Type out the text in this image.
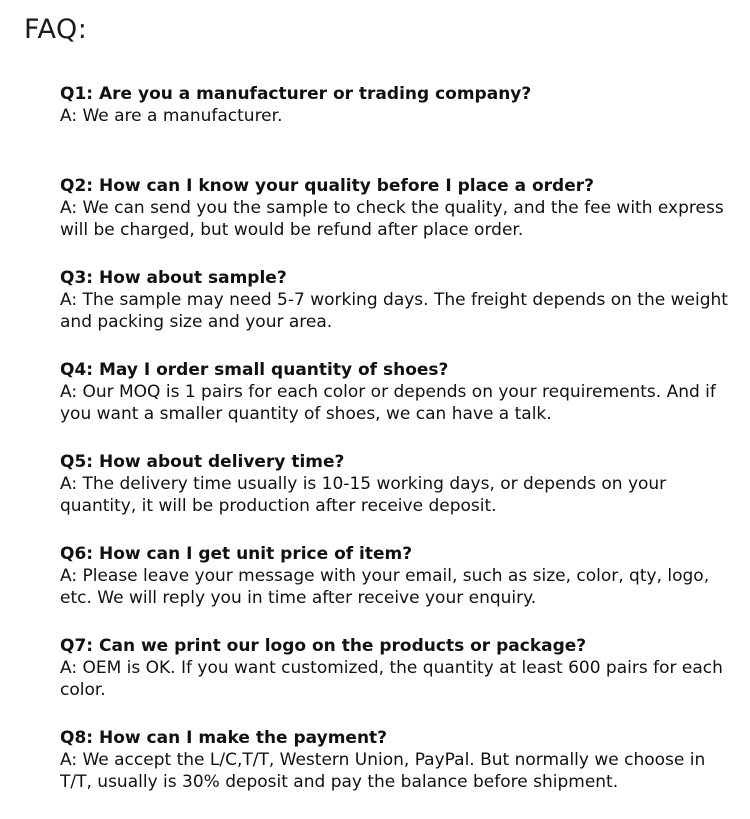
FAQ:

Q1: Are you a manufacturer or trading company?

A: We are a manufacturer.

Q2: How can I know your quality before I place a order?

A: We can send you the sample to check the quality, and the fee with express will be charged, but would be refund after place order.

Q3: How about sample?

A: The sample may need 5-7 working days. The freight depends on the weight and packing size and your area.

Q4: May I order small quantity of shoes?

A: Our MOQ is 1 pairs for each color or depends on your requirements. And if you want a smaller quantity of shoes, we can have a talk.

Q5: How about delivery time?

A: The delivery time usually is 10-15 working days, or depends on your quantity, it will be production after receive deposit.

Q6: How can I get unit price of item?

A: Please leave your message with your email, such as size, color, qty, logo, etc. We will reply you in time after receive your enquiry.

Q7: Can we print our logo on the products or package?

A: OEM is OK. If you want customized, the quantity at least 600 pairs for each color.

Q8: How can I make the payment?

A: We accept the L/C,T/T, Western Union, PayPal. But normally we choose in T/T, usually is 30% deposit and pay the balance before shipment.
